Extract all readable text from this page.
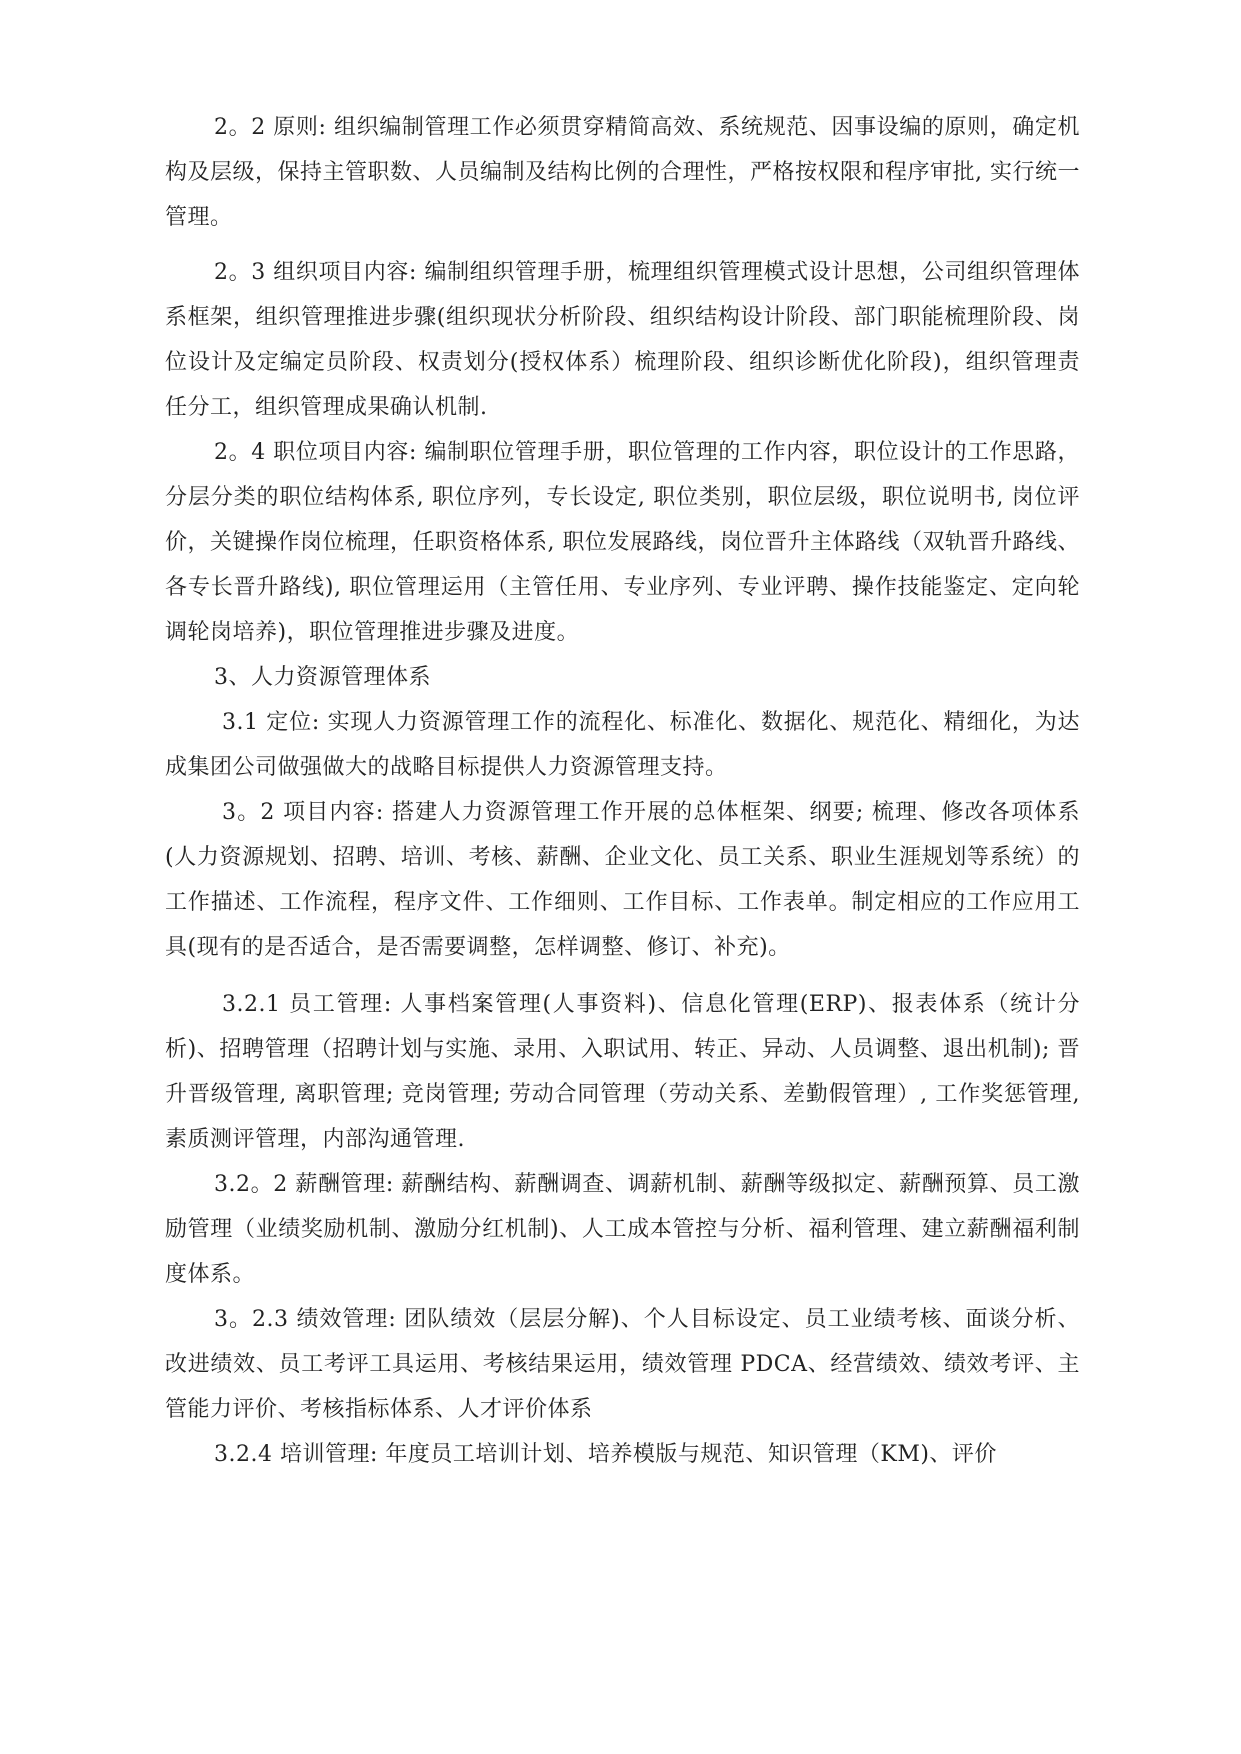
2。2 原则: 组织编制管理工作必须贯穿精简高效、系统规范、因事设编的原则，确定机构及层级，保持主管职数、人员编制及结构比例的合理性，严格按权限和程序审批, 实行统一管理。

2。3 组织项目内容: 编制组织管理手册，梳理组织管理模式设计思想，公司组织管理体系框架，组织管理推进步骤(组织现状分析阶段、组织结构设计阶段、部门职能梳理阶段、岗位设计及定编定员阶段、权责划分(授权体系）梳理阶段、组织诊断优化阶段)，组织管理责任分工，组织管理成果确认机制.

2。4 职位项目内容: 编制职位管理手册，职位管理的工作内容，职位设计的工作思路，分层分类的职位结构体系, 职位序列，专长设定, 职位类别，职位层级，职位说明书, 岗位评价，关键操作岗位梳理，任职资格体系, 职位发展路线，岗位晋升主体路线（双轨晋升路线、各专长晋升路线), 职位管理运用（主管任用、专业序列、专业评聘、操作技能鉴定、定向轮调轮岗培养)，职位管理推进步骤及进度。

3、人力资源管理体系

3.1 定位: 实现人力资源管理工作的流程化、标准化、数据化、规范化、精细化，为达成集团公司做强做大的战略目标提供人力资源管理支持。

3。2 项目内容: 搭建人力资源管理工作开展的总体框架、纲要; 梳理、修改各项体系(人力资源规划、招聘、培训、考核、薪酬、企业文化、员工关系、职业生涯规划等系统）的工作描述、工作流程，程序文件、工作细则、工作目标、工作表单。制定相应的工作应用工具(现有的是否适合，是否需要调整，怎样调整、修订、补充)。

3.2.1 员工管理: 人事档案管理(人事资料)、信息化管理(ERP)、报表体系（统计分析)、招聘管理（招聘计划与实施、录用、入职试用、转正、异动、人员调整、退出机制); 晋升晋级管理, 离职管理; 竞岗管理; 劳动合同管理（劳动关系、差勤假管理）, 工作奖惩管理, 素质测评管理，内部沟通管理.

3.2。2 薪酬管理: 薪酬结构、薪酬调查、调薪机制、薪酬等级拟定、薪酬预算、员工激励管理（业绩奖励机制、激励分红机制)、人工成本管控与分析、福利管理、建立薪酬福利制度体系。

3。2.3 绩效管理: 团队绩效（层层分解)、个人目标设定、员工业绩考核、面谈分析、改进绩效、员工考评工具运用、考核结果运用，绩效管理 PDCA、经营绩效、绩效考评、主管能力评价、考核指标体系、人才评价体系

3.2.4 培训管理: 年度员工培训计划、培养模版与规范、知识管理（KM)、评价
